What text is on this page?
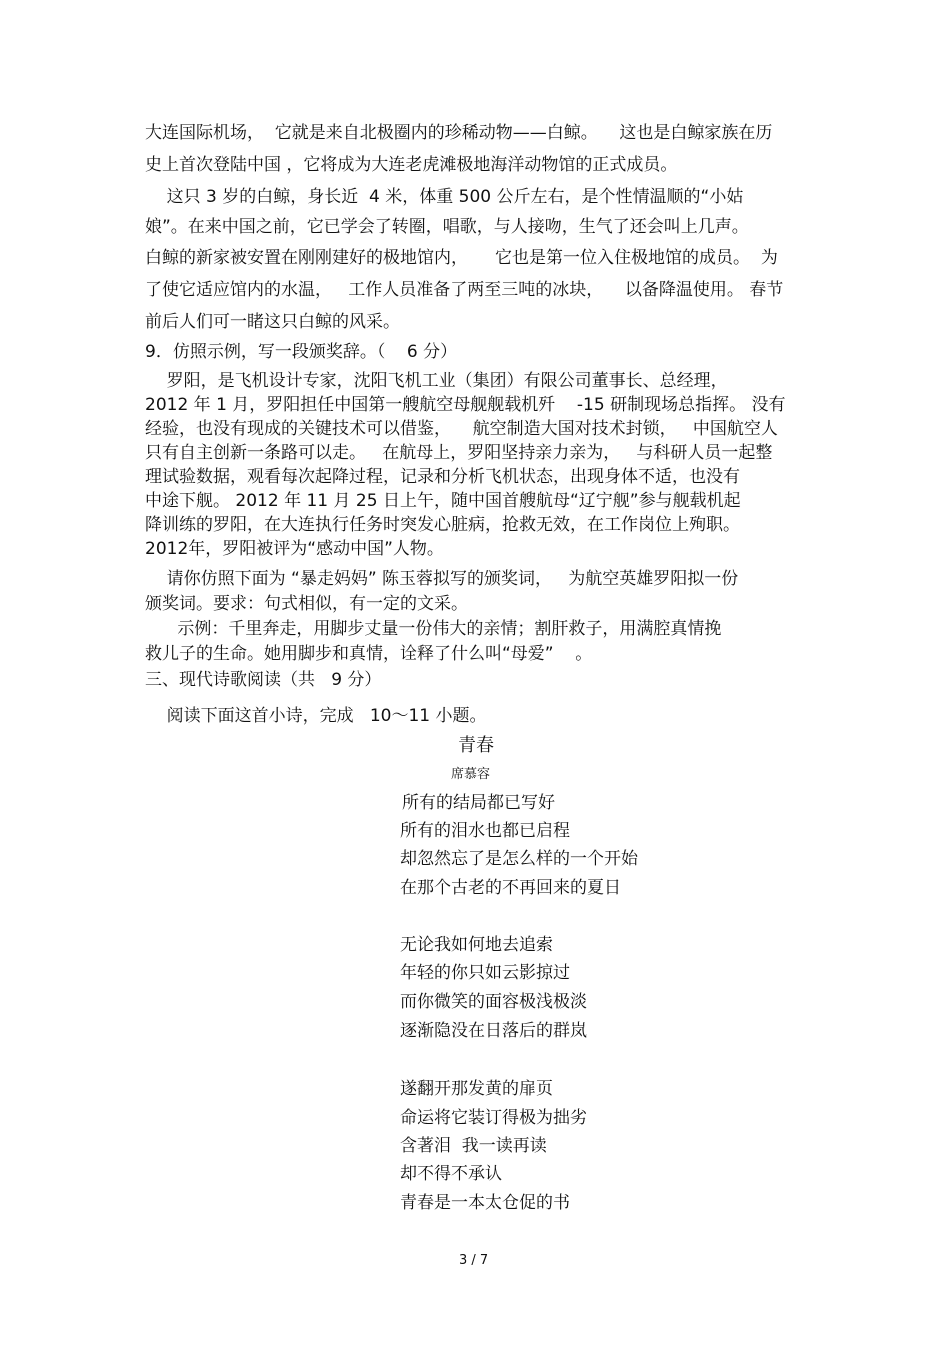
大连国际机场，  它就是来自北极圈内的珍稀动物——白鲸。    这也是白鲸家族在历
史上首次登陆中国 ，它将成为大连老虎滩极地海洋动物馆的正式成员。
这只 3 岁的白鲸，身长近  4 米，体重 500 公斤左右，是个性情温顺的“小姑
娘”。在来中国之前，它已学会了转圈，唱歌，与人接吻，生气了还会叫上几声。
白鲸的新家被安置在刚刚建好的极地馆内，     它也是第一位入住极地馆的成员。  为
了使它适应馆内的水温，   工作人员准备了两至三吨的冰块，    以备降温使用。 春节
前后人们可一睹这只白鲸的风采。
9．仿照示例，写一段颁奖辞。（    6 分）
罗阳，是飞机设计专家，沈阳飞机工业（集团）有限公司董事长、总经理，
2012 年 1 月，罗阳担任中国第一艘航空母舰舰载机歼    -15 研制现场总指挥。 没有
经验，也没有现成的关键技术可以借鉴，    航空制造大国对技术封锁，   中国航空人
只有自主创新一条路可以走。   在航母上，罗阳坚持亲力亲为，   与科研人员一起整
理试验数据，观看每次起降过程，记录和分析飞机状态，出现身体不适，也没有
中途下舰。 2012 年 11 月 25 日上午，随中国首艘航母“辽宁舰”参与舰载机起
降训练的罗阳，在大连执行任务时突发心脏病，抢救无效，在工作岗位上殉职。
2012年，罗阳被评为“感动中国”人物。
请你仿照下面为 “暴走妈妈” 陈玉蓉拟写的颁奖词，   为航空英雄罗阳拟一份
颁奖词。要求：句式相似，有一定的文采。
示例：千里奔走，用脚步丈量一份伟大的亲情；割肝救子，用满腔真情挽
救儿子的生命。她用脚步和真情，诠释了什么叫“母爱”    。
三、现代诗歌阅读（共   9 分）
阅读下面这首小诗，完成   10～11 小题。
青春
席慕容
所有的结局都已写好
所有的泪水也都已启程
却忽然忘了是怎么样的一个开始
在那个古老的不再回来的夏日
无论我如何地去追索
年轻的你只如云影掠过
而你微笑的面容极浅极淡
逐渐隐没在日落后的群岚
遂翻开那发黄的扉页
命运将它装订得极为拙劣
含著泪  我一读再读
却不得不承认
青春是一本太仓促的书
3 / 7
